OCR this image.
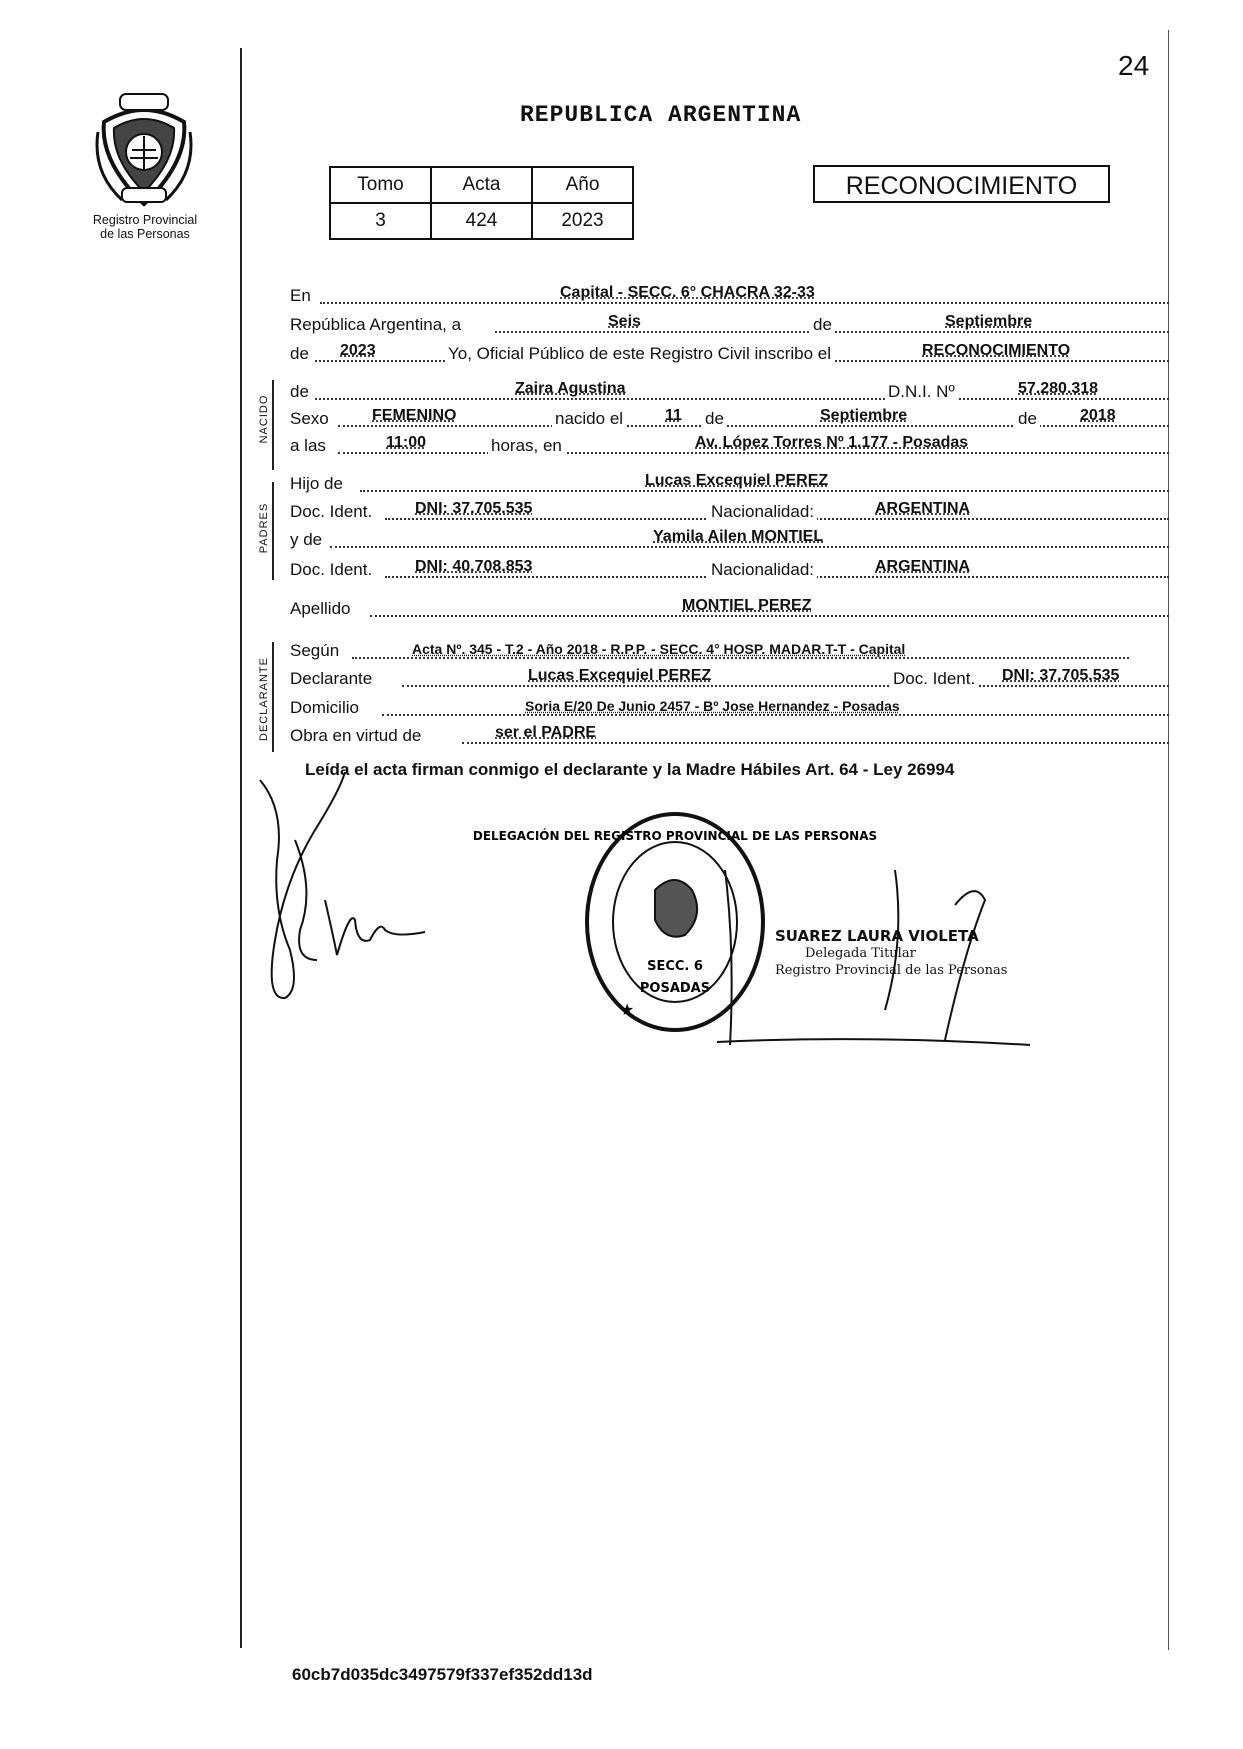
24
Registro Provincial
de las Personas
REPUBLICA ARGENTINA
Tomo	Acta	Año
3	424	2023
RECONOCIMIENTO
NACIDO
PADRES
DECLARANTE
En	Capital - SECC. 6° CHACRA 32-33
República Argentina, a	Seis	de	Septiembre
de 2023	Yo, Oficial Público de este Registro Civil inscribo el	RECONOCIMIENTO
de	Zaira Agustina	D.N.I. Nº	57.280.318
Sexo	FEMENINO	nacido el	11 de	Septiembre	de	2018
a las	11:00	horas, en	Av. López Torres Nº 1.177 - Posadas
Hijo de	Lucas Excequiel PEREZ
Doc. Ident.	DNI: 37.705.535	Nacionalidad:	ARGENTINA
y de	Yamila Ailen MONTIEL
Doc. Ident.	DNI: 40.708.853	Nacionalidad:	ARGENTINA
Apellido	MONTIEL PEREZ
Según	Acta Nº. 345 - T.2 - Año 2018 - R.P.P. - SECC. 4° HOSP. MADAR.T-T - Capital
Declarante	Lucas Excequiel PEREZ	Doc. Ident. DNI: 37.705.535
Domicilio	Soria E/20 De Junio 2457 - Bº Jose Hernandez - Posadas
Obra en virtud de	ser el PADRE
Leída el acta firman conmigo el declarante y la Madre Hábiles Art. 64 - Ley 26994
DELEGACIÓN DEL REGISTRO PROVINCIAL DE LAS PERSONAS
SECC. 6
POSADAS
★
SUAREZ LAURA VIOLETA
Delegada Titular
Registro Provincial de las Personas
60cb7d035dc3497579f337ef352dd13d
